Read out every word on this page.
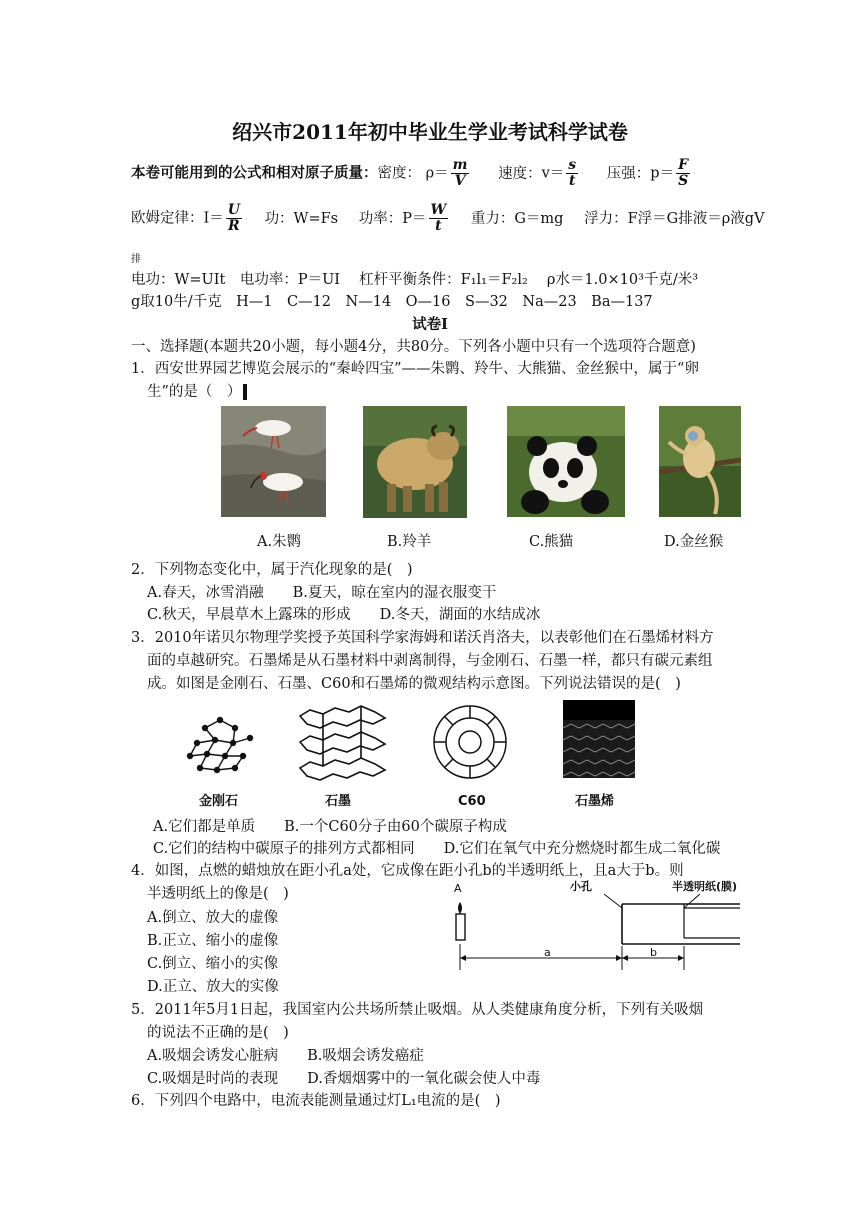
绍兴市2011年初中毕业生学业考试科学试卷
本卷可能用到的公式和相对原子质量：密度： $\rho= \frac{m}{V}$ 速度：$v= \frac{s}{t}$ 压强：$p= \frac{F}{S}$
欧姆定律：$I= \frac{U}{R}$ 功：W=Fs 功率：$P= \frac{W}{t}$ 重力：G＝mg 浮力：F浮＝G排液＝ρ液gV
排
电功：W=UIt　电功率：P＝UI　 杠杆平衡条件：F₁l₁＝F₂l₂　 ρ水＝1.0×10³千克/米³
g取10牛/千克　H—1　C—12　N—14　O—16　S—32　Na—23　Ba—137
试卷Ⅰ
一、选择题(本题共20小题，每小题4分，共80分。下列各小题中只有一个选项符合题意)
1．西安世界园艺博览会展示的“秦岭四宝”——朱鹮、羚牛、大熊猫、金丝猴中，属于“卵
生”的是（　）
A.朱鹮	B.羚羊	C.熊猫	D.金丝猴
2．下列物态变化中，属于汽化现象的是(　)
A.春天，冰雪消融　　B.夏天，晾在室内的湿衣服变干
C.秋天，早晨草木上露珠的形成　　D.冬天，湖面的水结成冰
3．2010年诺贝尔物理学奖授予英国科学家海姆和诺沃肖洛夫，以表彰他们在石墨烯材料方
面的卓越研究。石墨烯是从石墨材料中剥离制得，与金刚石、石墨一样，都只有碳元素组
成。如图是金刚石、石墨、C60和石墨烯的微观结构示意图。下列说法错误的是(　)
金刚石	石墨	C60	石墨烯
A.它们都是单质　　B.一个C60分子由60个碳原子构成
C.它们的结构中碳原子的排列方式都相同　　D.它们在氧气中充分燃烧时都生成二氧化碳
4．如图，点燃的蜡烛放在距小孔a处，它成像在距小孔b的半透明纸上，且a大于b。则
半透明纸上的像是(　)
A.倒立、放大的虚像
B.正立、缩小的虚像
C.倒立、缩小的实像
D.正立、放大的实像
A	小孔	半透明纸(膜)
a	b
5．2011年5月1日起，我国室内公共场所禁止吸烟。从人类健康角度分析，下列有关吸烟
的说法不正确的是(　)
A.吸烟会诱发心脏病　　B.吸烟会诱发癌症
C.吸烟是时尚的表现　　D.香烟烟雾中的一氧化碳会使人中毒
6．下列四个电路中，电流表能测量通过灯L₁电流的是(　)
